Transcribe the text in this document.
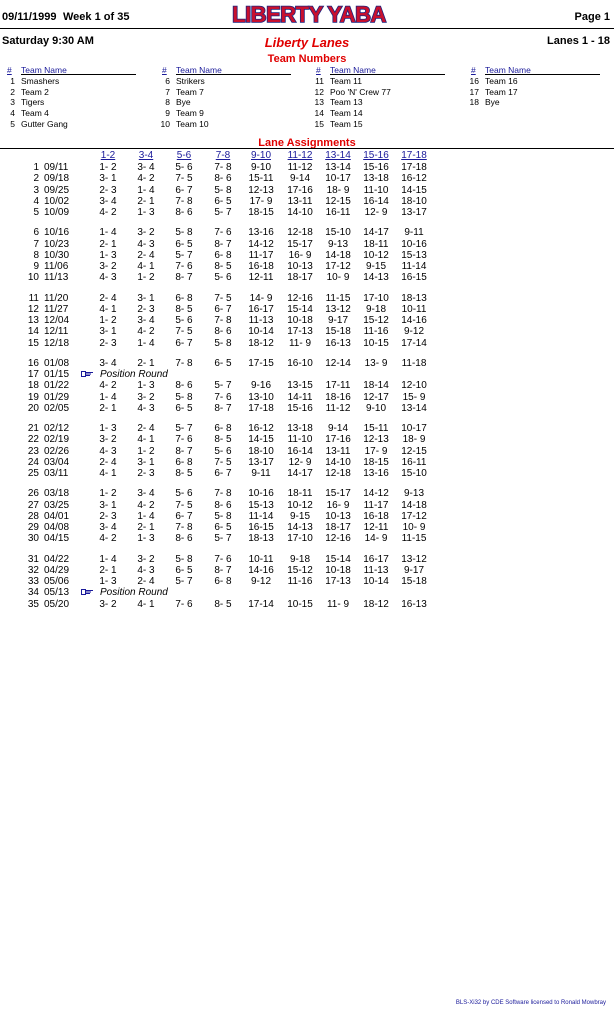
09/11/1999 Week 1 of 35	LIBERTY YABA	Page 1
Saturday 9:30 AM	Liberty Lanes	Lanes 1 - 18
Team Numbers
# Team Name
1 Smashers
2 Team 2
3 Tigers
4 Team 4
5 Gutter Gang
# Team Name
6 Strikers
7 Team 7
8 Bye
9 Team 9
10 Team 10
# Team Name
11 Team 11
12 Poo 'N' Crew 77
13 Team 13
14 Team 14
15 Team 15
# Team Name
16 Team 16
17 Team 17
18 Bye
Lane Assignments
1-2	3-4	5-6	7-8	9-10	11-12	13-14	15-16	17-18
1 09/11	1- 2	3- 4	5- 6	7- 8	9-10	11-12	13-14	15-16	17-18
2 09/18	3- 1	4- 2	7- 5	8- 6	15-11	9-14	10-17	13-18	16-12
3 09/25	2- 3	1- 4	6- 7	5- 8	12-13	17-16	18- 9	11-10	14-15
4 10/02	3- 4	2- 1	7- 8	6- 5	17- 9	13-11	12-15	16-14	18-10
5 10/09	4- 2	1- 3	8- 6	5- 7	18-15	14-10	16-11	12- 9	13-17
6 10/16	1- 4	3- 2	5- 8	7- 6	13-16	12-18	15-10	14-17	9-11
7 10/23	2- 1	4- 3	6- 5	8- 7	14-12	15-17	9-13	18-11	10-16
8 10/30	1- 3	2- 4	5- 7	6- 8	11-17	16- 9	14-18	10-12	15-13
9 11/06	3- 2	4- 1	7- 6	8- 5	16-18	10-13	17-12	9-15	11-14
10 11/13	4- 3	1- 2	8- 7	5- 6	12-11	18-17	10- 9	14-13	16-15
11 11/20	2- 4	3- 1	6- 8	7- 5	14- 9	12-16	11-15	17-10	18-13
12 11/27	4- 1	2- 3	8- 5	6- 7	16-17	15-14	13-12	9-18	10-11
13 12/04	1- 2	3- 4	5- 6	7- 8	11-13	10-18	9-17	15-12	14-16
14 12/11	3- 1	4- 2	7- 5	8- 6	10-14	17-13	15-18	11-16	9-12
15 12/18	2- 3	1- 4	6- 7	5- 8	18-12	11- 9	16-13	10-15	17-14
16 01/08	3- 4	2- 1	7- 8	6- 5	17-15	16-10	12-14	13- 9	11-18
17 01/15	Position Round
18 01/22	4- 2	1- 3	8- 6	5- 7	9-16	13-15	17-11	18-14	12-10
19 01/29	1- 4	3- 2	5- 8	7- 6	13-10	14-11	18-16	12-17	15- 9
20 02/05	2- 1	4- 3	6- 5	8- 7	17-18	15-16	11-12	9-10	13-14
21 02/12	1- 3	2- 4	5- 7	6- 8	16-12	13-18	9-14	15-11	10-17
22 02/19	3- 2	4- 1	7- 6	8- 5	14-15	11-10	17-16	12-13	18- 9
23 02/26	4- 3	1- 2	8- 7	5- 6	18-10	16-14	13-11	17- 9	12-15
24 03/04	2- 4	3- 1	6- 8	7- 5	13-17	12- 9	14-10	18-15	16-11
25 03/11	4- 1	2- 3	8- 5	6- 7	9-11	14-17	12-18	13-16	15-10
26 03/18	1- 2	3- 4	5- 6	7- 8	10-16	18-11	15-17	14-12	9-13
27 03/25	3- 1	4- 2	7- 5	8- 6	15-13	10-12	16- 9	11-17	14-18
28 04/01	2- 3	1- 4	6- 7	5- 8	11-14	9-15	10-13	16-18	17-12
29 04/08	3- 4	2- 1	7- 8	6- 5	16-15	14-13	18-17	12-11	10- 9
30 04/15	4- 2	1- 3	8- 6	5- 7	18-13	17-10	12-16	14- 9	11-15
31 04/22	1- 4	3- 2	5- 8	7- 6	10-11	9-18	15-14	16-17	13-12
32 04/29	2- 1	4- 3	6- 5	8- 7	14-16	15-12	10-18	11-13	9-17
33 05/06	1- 3	2- 4	5- 7	6- 8	9-12	11-16	17-13	10-14	15-18
34 05/13	Position Round
35 05/20	3- 2	4- 1	7- 6	8- 5	17-14	10-15	11- 9	18-12	16-13
BLS-Xi32 by CDE Software licensed to Ronald Mowbray
